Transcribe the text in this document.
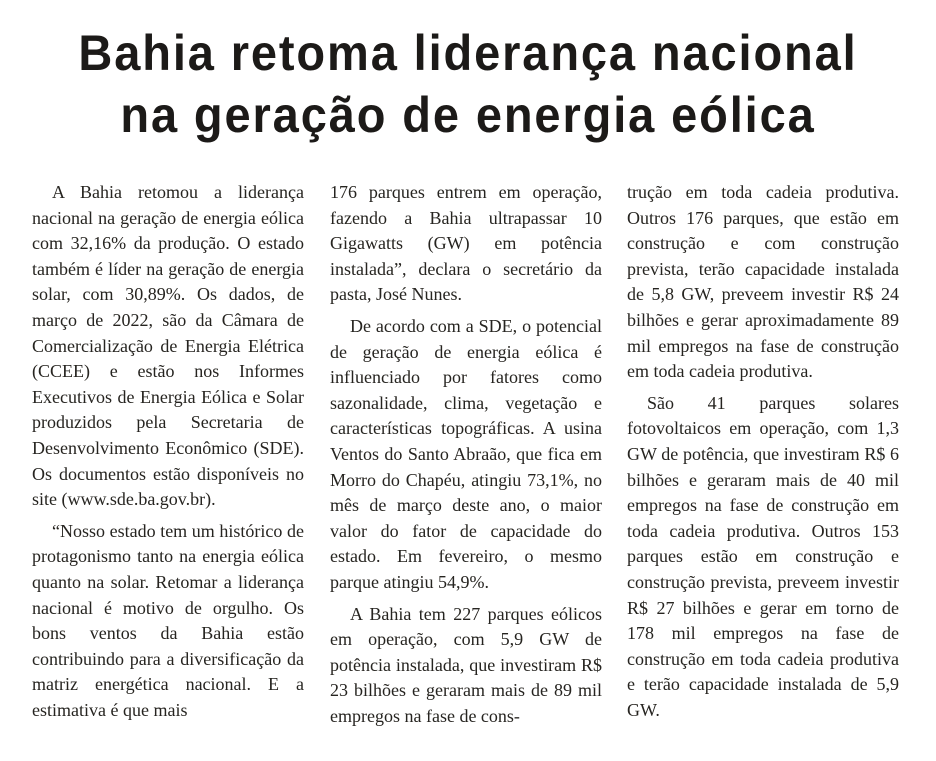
Bahia retoma liderança nacional
na geração de energia eólica

A Bahia retomou a liderança nacional na geração de energia eólica com 32,16% da produção. O estado também é líder na geração de energia solar, com 30,89%. Os dados, de março de 2022, são da Câmara de Comercialização de Energia Elétrica (CCEE) e estão nos Informes Executivos de Energia Eólica e Solar produzidos pela Secretaria de Desenvolvimento Econômico (SDE). Os documentos estão disponíveis no site (www.sde.ba.gov.br).

“Nosso estado tem um histórico de protagonismo tanto na energia eólica quanto na solar. Retomar a liderança nacional é motivo de orgulho. Os bons ventos da Bahia estão contribuindo para a diversificação da matriz energética nacional. E a estimativa é que mais

176 parques entrem em operação, fazendo a Bahia ultrapassar 10 Gigawatts (GW) em potência instalada”, declara o secretário da pasta, José Nunes.

De acordo com a SDE, o potencial de geração de energia eólica é influenciado por fatores como sazonalidade, clima, vegetação e características topográficas. A usina Ventos do Santo Abraão, que fica em Morro do Chapéu, atingiu 73,1%, no mês de março deste ano, o maior valor do fator de capacidade do estado. Em fevereiro, o mesmo parque atingiu 54,9%.

A Bahia tem 227 parques eólicos em operação, com 5,9 GW de potência instalada, que investiram R$ 23 bilhões e geraram mais de 89 mil empregos na fase de cons-

trução em toda cadeia produtiva. Outros 176 parques, que estão em construção e com construção prevista, terão capacidade instalada de 5,8 GW, preveem investir R$ 24 bilhões e gerar aproximadamente 89 mil empregos na fase de construção em toda cadeia produtiva.

São 41 parques solares fotovoltaicos em operação, com 1,3 GW de potência, que investiram R$ 6 bilhões e geraram mais de 40 mil empregos na fase de construção em toda cadeia produtiva. Outros 153 parques estão em construção e construção prevista, preveem investir R$ 27 bilhões e gerar em torno de 178 mil empregos na fase de construção em toda cadeia produtiva e terão capacidade instalada de 5,9 GW.
